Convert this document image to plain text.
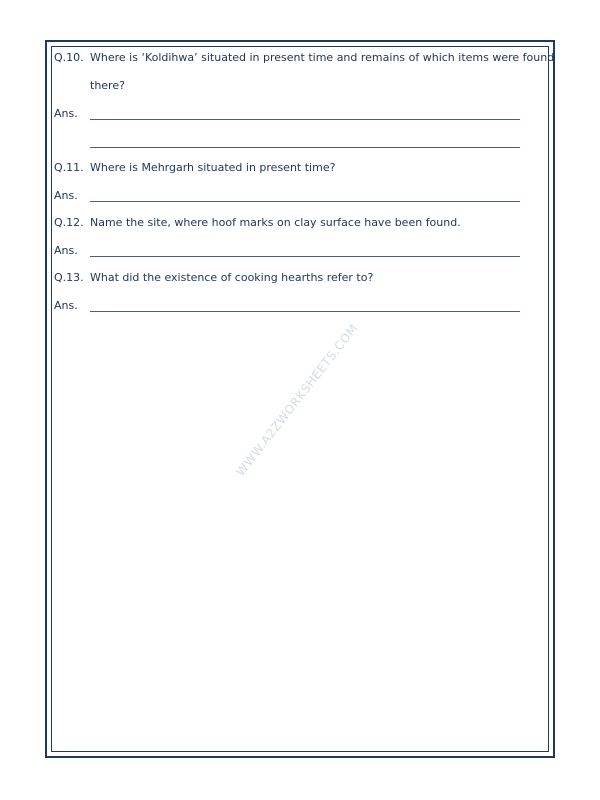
Q.10. Where is ‘Koldihwa’ situated in present time and remains of which items were found
there?
Ans.
Q.11. Where is Mehrgarh situated in present time?
Ans.
Q.12. Name the site, where hoof marks on clay surface have been found.
Ans.
Q.13. What did the existence of cooking hearths refer to?
Ans.
WWW.A2ZWORKSHEETS.COM
